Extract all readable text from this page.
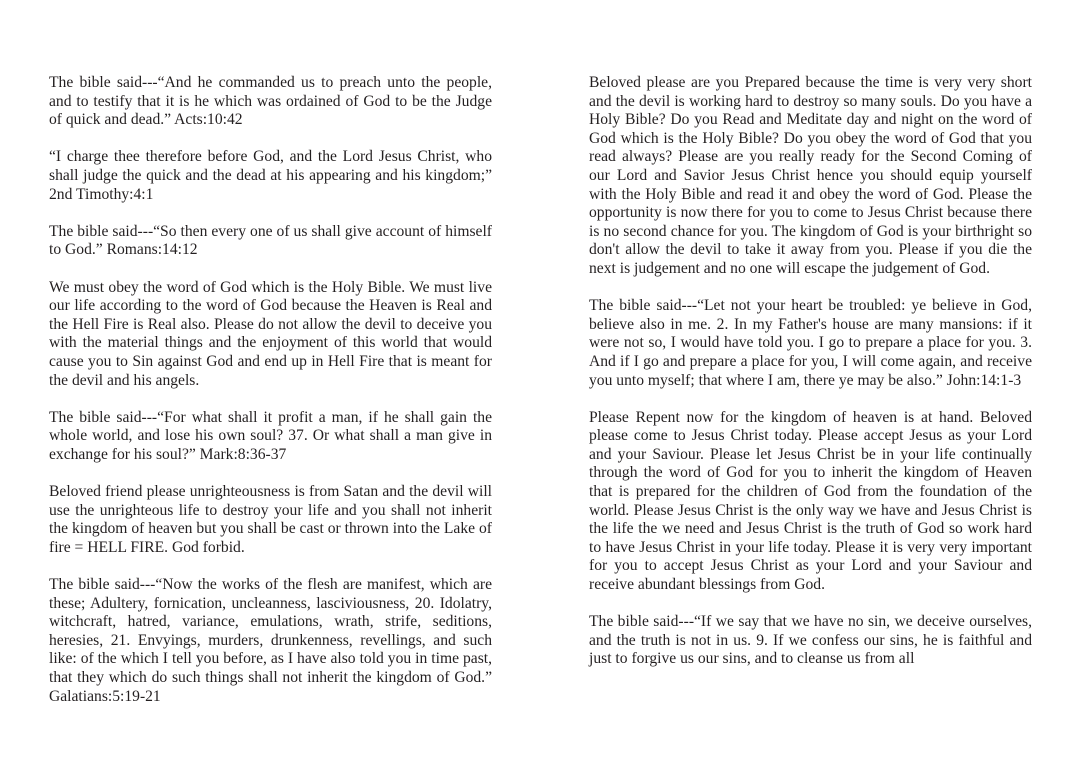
The bible said---“And he commanded us to preach unto the people, and to testify that it is he which was ordained of God to be the Judge of quick and dead.” Acts:10:42

“I charge thee therefore before God, and the Lord Jesus Christ, who shall judge the quick and the dead at his appearing and his kingdom;” 2nd Timothy:4:1

The bible said---“So then every one of us shall give account of himself to God.” Romans:14:12

We must obey the word of God which is the Holy Bible. We must live our life according to the word of God because the Heaven is Real and the Hell Fire is Real also. Please do not allow the devil to deceive you with the material things and the enjoyment of this world that would cause you to Sin against God and end up in Hell Fire that is meant for the devil and his angels.

The bible said---“For what shall it profit a man, if he shall gain the whole world, and lose his own soul? 37. Or what shall a man give in exchange for his soul?” Mark:8:36-37

Beloved friend please unrighteousness is from Satan and the devil will use the unrighteous life to destroy your life and you shall not inherit the kingdom of heaven but you shall be cast or thrown into the Lake of fire = HELL FIRE. God forbid.

The bible said---“Now the works of the flesh are manifest, which are these; Adultery, fornication, uncleanness, lasciviousness, 20. Idolatry, witchcraft, hatred, variance, emulations, wrath, strife, seditions, heresies, 21. Envyings, murders, drunkenness, revellings, and such like: of the which I tell you before, as I have also told you in time past, that they which do such things shall not inherit the kingdom of God.” Galatians:5:19-21

Beloved please are you Prepared because the time is very very short and the devil is working hard to destroy so many souls. Do you have a Holy Bible? Do you Read and Meditate day and night on the word of God which is the Holy Bible? Do you obey the word of God that you read always? Please are you really ready for the Second Coming of our Lord and Savior Jesus Christ hence you should equip yourself with the Holy Bible and read it and obey the word of God. Please the opportunity is now there for you to come to Jesus Christ because there is no second chance for you. The kingdom of God is your birthright so don't allow the devil to take it away from you. Please if you die the next is judgement and no one will escape the judgement of God.

The bible said---“Let not your heart be troubled: ye believe in God, believe also in me. 2. In my Father's house are many mansions: if it were not so, I would have told you. I go to prepare a place for you. 3. And if I go and prepare a place for you, I will come again, and receive you unto myself; that where I am, there ye may be also.” John:14:1-3

Please Repent now for the kingdom of heaven is at hand. Beloved please come to Jesus Christ today. Please accept Jesus as your Lord and your Saviour. Please let Jesus Christ be in your life continually through the word of God for you to inherit the kingdom of Heaven that is prepared for the children of God from the foundation of the world. Please Jesus Christ is the only way we have and Jesus Christ is the life the we need and Jesus Christ is the truth of God so work hard to have Jesus Christ in your life today. Please it is very very important for you to accept Jesus Christ as your Lord and your Saviour and receive abundant blessings from God.

The bible said---“If we say that we have no sin, we deceive ourselves, and the truth is not in us. 9. If we confess our sins, he is faithful and just to forgive us our sins, and to cleanse us from all
